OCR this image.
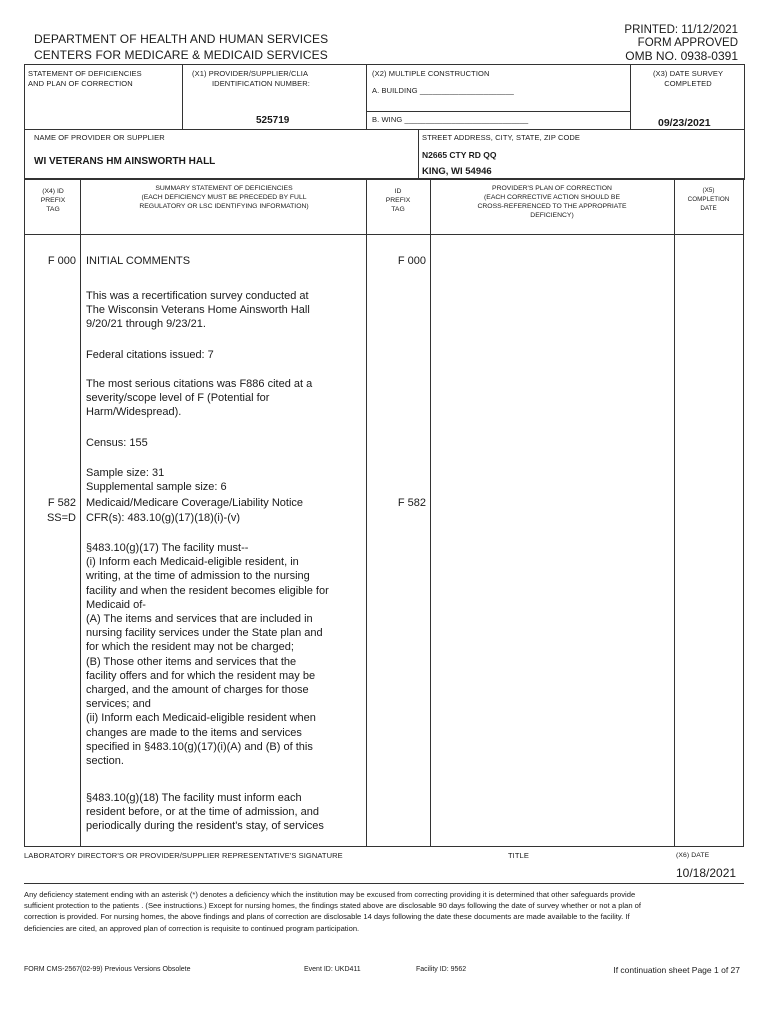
DEPARTMENT OF HEALTH AND HUMAN SERVICES
CENTERS FOR MEDICARE & MEDICAID SERVICES
PRINTED: 11/12/2021
FORM APPROVED
OMB NO. 0938-0391
STATEMENT OF DEFICIENCIES
AND PLAN OF CORRECTION
(X1) PROVIDER/SUPPLIER/CLIA
IDENTIFICATION NUMBER:
525719
(X2) MULTIPLE CONSTRUCTION
A. BUILDING ______________________
B. WING _____________________________
(X3) DATE SURVEY
COMPLETED
09/23/2021
NAME OF PROVIDER OR SUPPLIER
WI VETERANS HM AINSWORTH HALL
STREET ADDRESS, CITY, STATE, ZIP CODE
N2665 CTY RD QQ
KING, WI 54946
(X4) ID
PREFIX
TAG
SUMMARY STATEMENT OF DEFICIENCIES
(EACH DEFICIENCY MUST BE PRECEDED BY FULL
REGULATORY OR LSC IDENTIFYING INFORMATION)
ID
PREFIX
TAG
PROVIDER'S PLAN OF CORRECTION
(EACH CORRECTIVE ACTION SHOULD BE
CROSS-REFERENCED TO THE APPROPRIATE
DEFICIENCY)
(X5)
COMPLETION
DATE
F 000 INITIAL COMMENTS	F 000
This was a recertification survey conducted at
The Wisconsin Veterans Home Ainsworth Hall
9/20/21 through 9/23/21.
Federal citations issued: 7
The most serious citations was F886 cited at a
severity/scope level of F (Potential for
Harm/Widespread).
Census: 155
Sample size: 31
Supplemental sample size: 6
F 582
SS=D
Medicaid/Medicare Coverage/Liability Notice
CFR(s): 483.10(g)(17)(18)(i)-(v)
F 582
§483.10(g)(17) The facility must--
(i) Inform each Medicaid-eligible resident, in
writing, at the time of admission to the nursing
facility and when the resident becomes eligible for
Medicaid of-
(A) The items and services that are included in
nursing facility services under the State plan and
for which the resident may not be charged;
(B) Those other items and services that the
facility offers and for which the resident may be
charged, and the amount of charges for those
services; and
(ii) Inform each Medicaid-eligible resident when
changes are made to the items and services
specified in §483.10(g)(17)(i)(A) and (B) of this
section.
§483.10(g)(18) The facility must inform each
resident before, or at the time of admission, and
periodically during the resident's stay, of services
LABORATORY DIRECTOR'S OR PROVIDER/SUPPLIER REPRESENTATIVE'S SIGNATURE	TITLE	(X6) DATE
10/18/2021
Any deficiency statement ending with an asterisk (*) denotes a deficiency which the institution may be excused from correcting providing it is determined that other safeguards provide sufficient protection to the patients . (See instructions.) Except for nursing homes, the findings stated above are disclosable 90 days following the date of survey whether or not a plan of correction is provided. For nursing homes, the above findings and plans of correction are disclosable 14 days following the date these documents are made available to the facility. If deficiencies are cited, an approved plan of correction is requisite to continued program participation.
FORM CMS-2567(02-99) Previous Versions Obsolete	Event ID: UKD411	Facility ID: 9562	If continuation sheet Page 1 of 27
